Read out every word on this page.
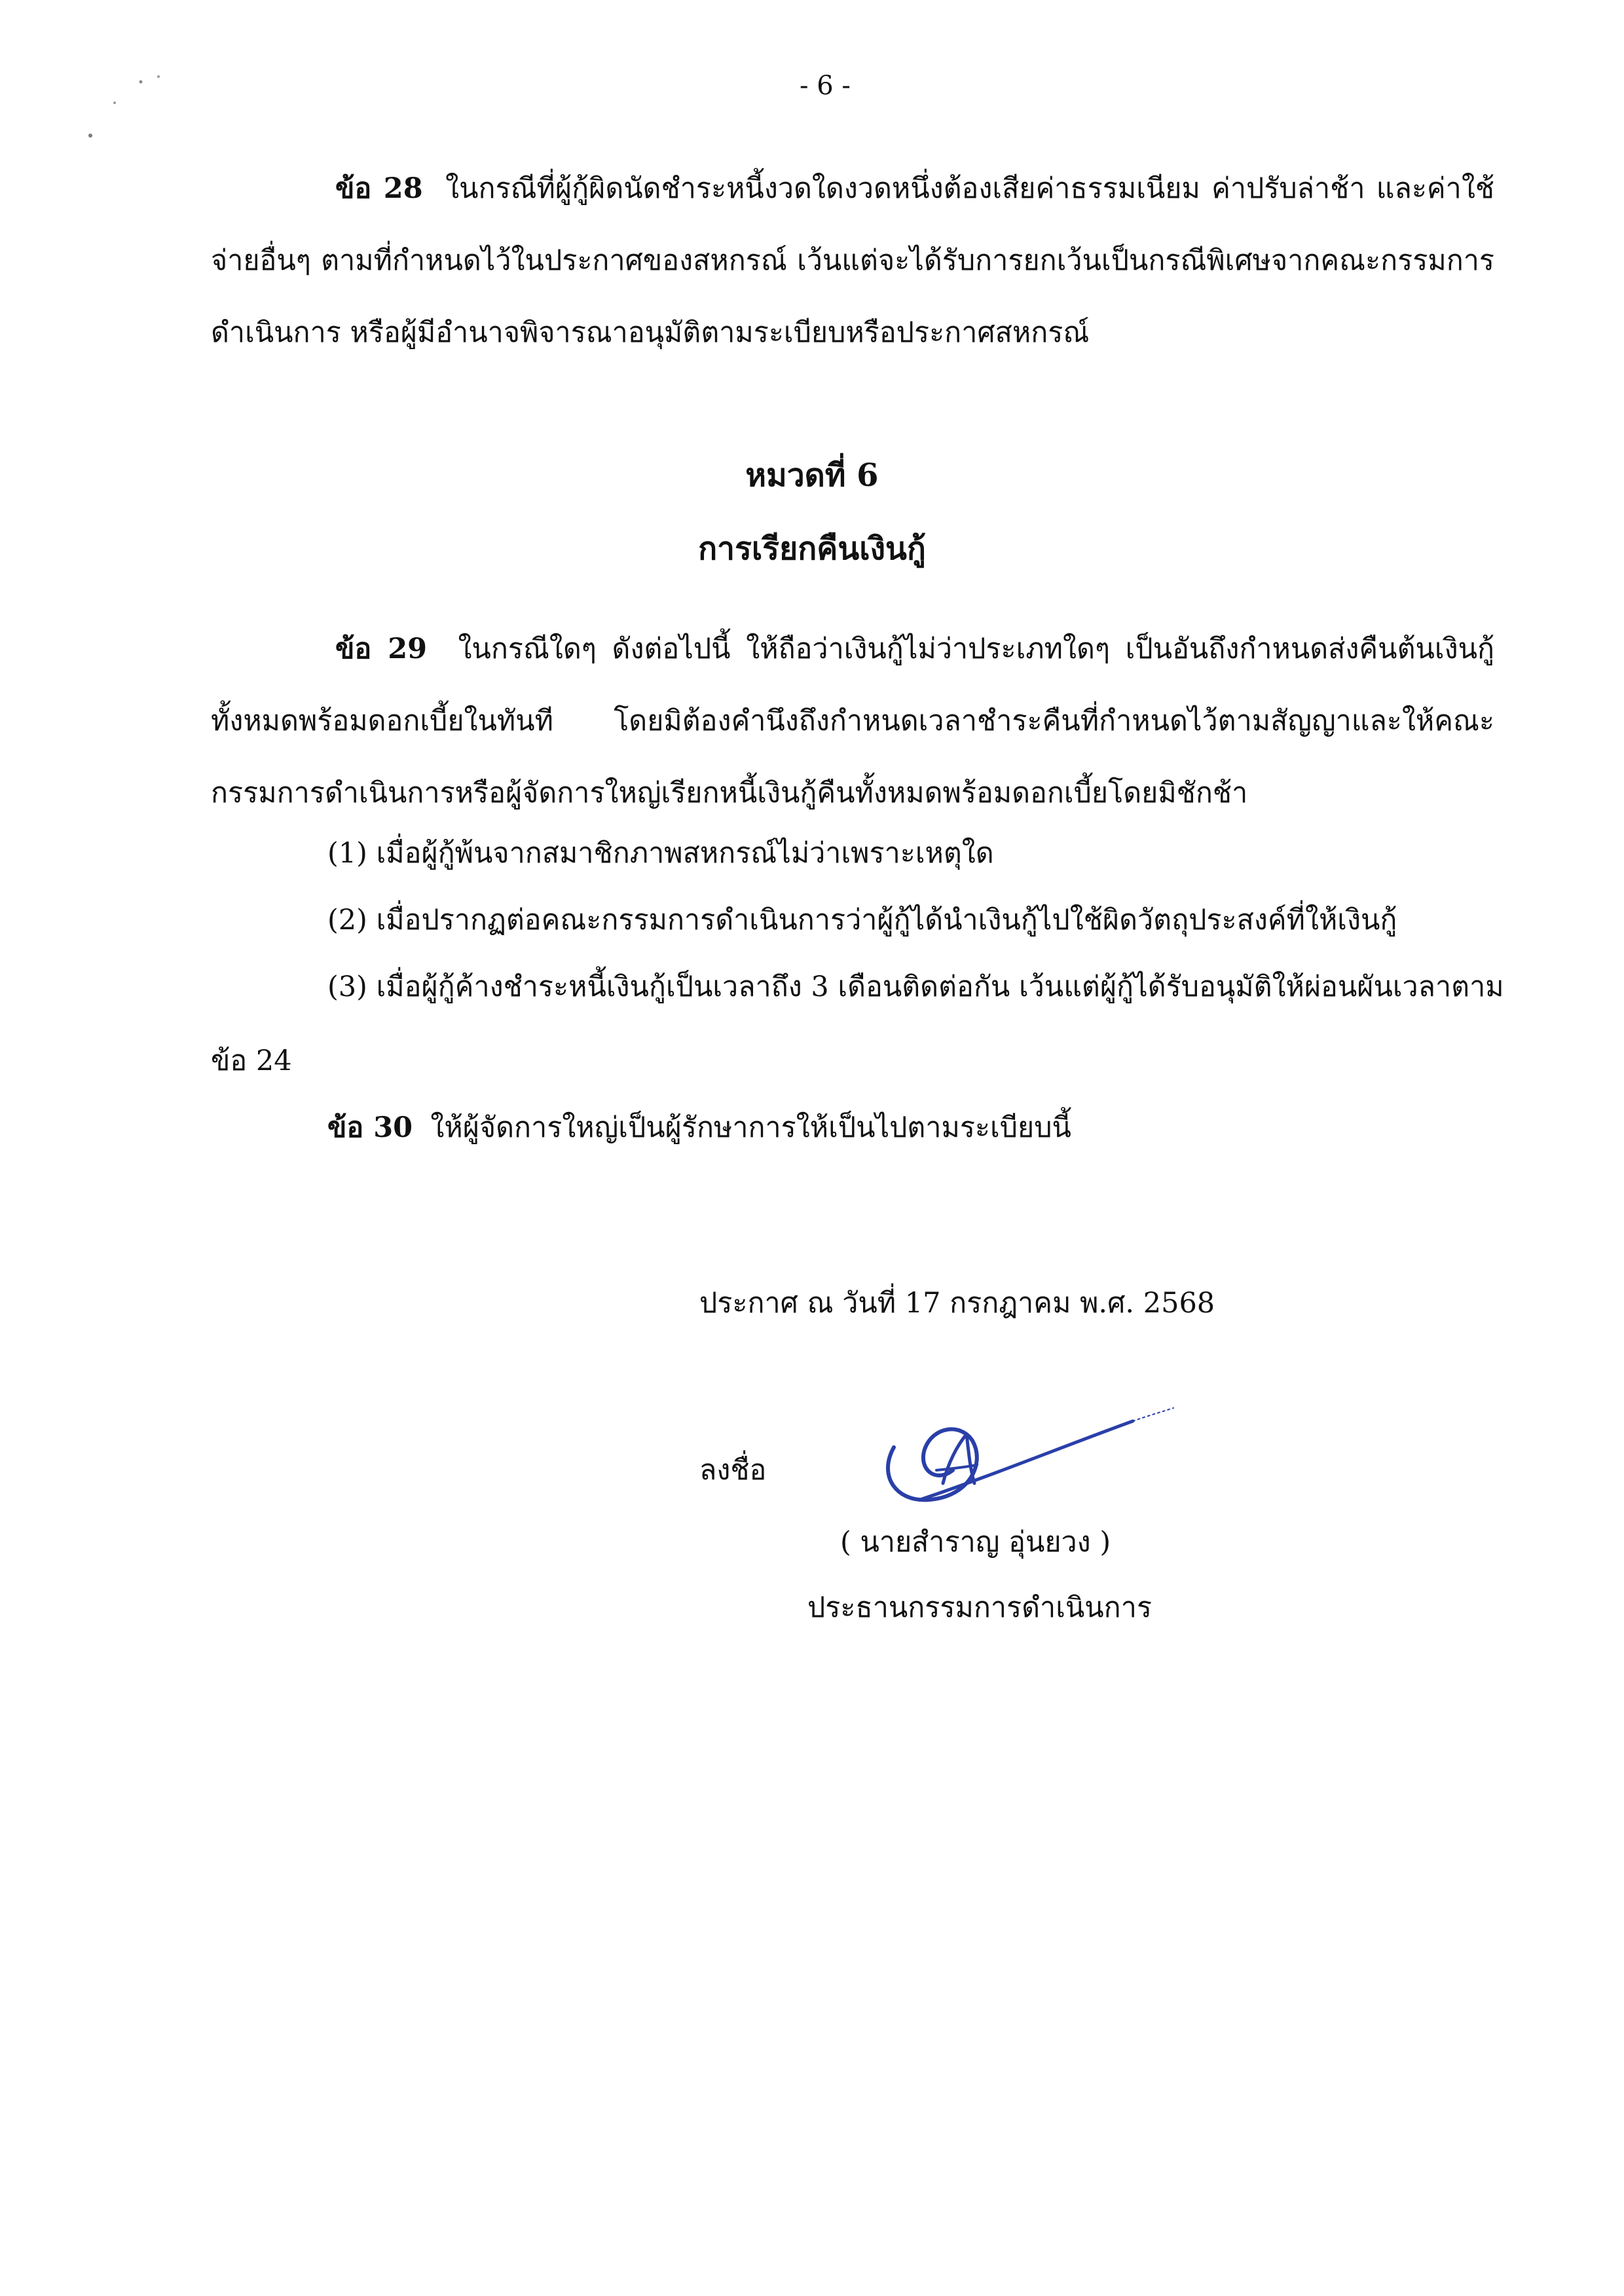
- 6 -
ข้อ 28 ในกรณีที่ผู้กู้ผิดนัดชำระหนี้งวดใดงวดหนึ่งต้องเสียค่าธรรมเนียม ค่าปรับล่าช้า และค่าใช้จ่ายอื่นๆ ตามที่กำหนดไว้ในประกาศของสหกรณ์ เว้นแต่จะได้รับการยกเว้นเป็นกรณีพิเศษจากคณะกรรมการดำเนินการ หรือผู้มีอำนาจพิจารณาอนุมัติตามระเบียบหรือประกาศสหกรณ์
หมวดที่ 6
การเรียกคืนเงินกู้
ข้อ 29 ในกรณีใดๆ ดังต่อไปนี้ ให้ถือว่าเงินกู้ไม่ว่าประเภทใดๆ เป็นอันถึงกำหนดส่งคืนต้นเงินกู้ทั้งหมดพร้อมดอกเบี้ยในทันที โดยมิต้องคำนึงถึงกำหนดเวลาชำระคืนที่กำหนดไว้ตามสัญญาและให้คณะกรรมการดำเนินการหรือผู้จัดการใหญ่เรียกหนี้เงินกู้คืนทั้งหมดพร้อมดอกเบี้ยโดยมิชักช้า
(1) เมื่อผู้กู้พ้นจากสมาชิกภาพสหกรณ์ไม่ว่าเพราะเหตุใด
(2) เมื่อปรากฏต่อคณะกรรมการดำเนินการว่าผู้กู้ได้นำเงินกู้ไปใช้ผิดวัตถุประสงค์ที่ให้เงินกู้
(3) เมื่อผู้กู้ค้างชำระหนี้เงินกู้เป็นเวลาถึง 3 เดือนติดต่อกัน เว้นแต่ผู้กู้ได้รับอนุมัติให้ผ่อนผันเวลาตาม
ข้อ 24
ข้อ 30 ให้ผู้จัดการใหญ่เป็นผู้รักษาการให้เป็นไปตามระเบียบนี้
ประกาศ ณ วันที่ 17 กรกฎาคม พ.ศ. 2568
ลงชื่อ
( นายสำราญ อุ่นยวง )
ประธานกรรมการดำเนินการ
